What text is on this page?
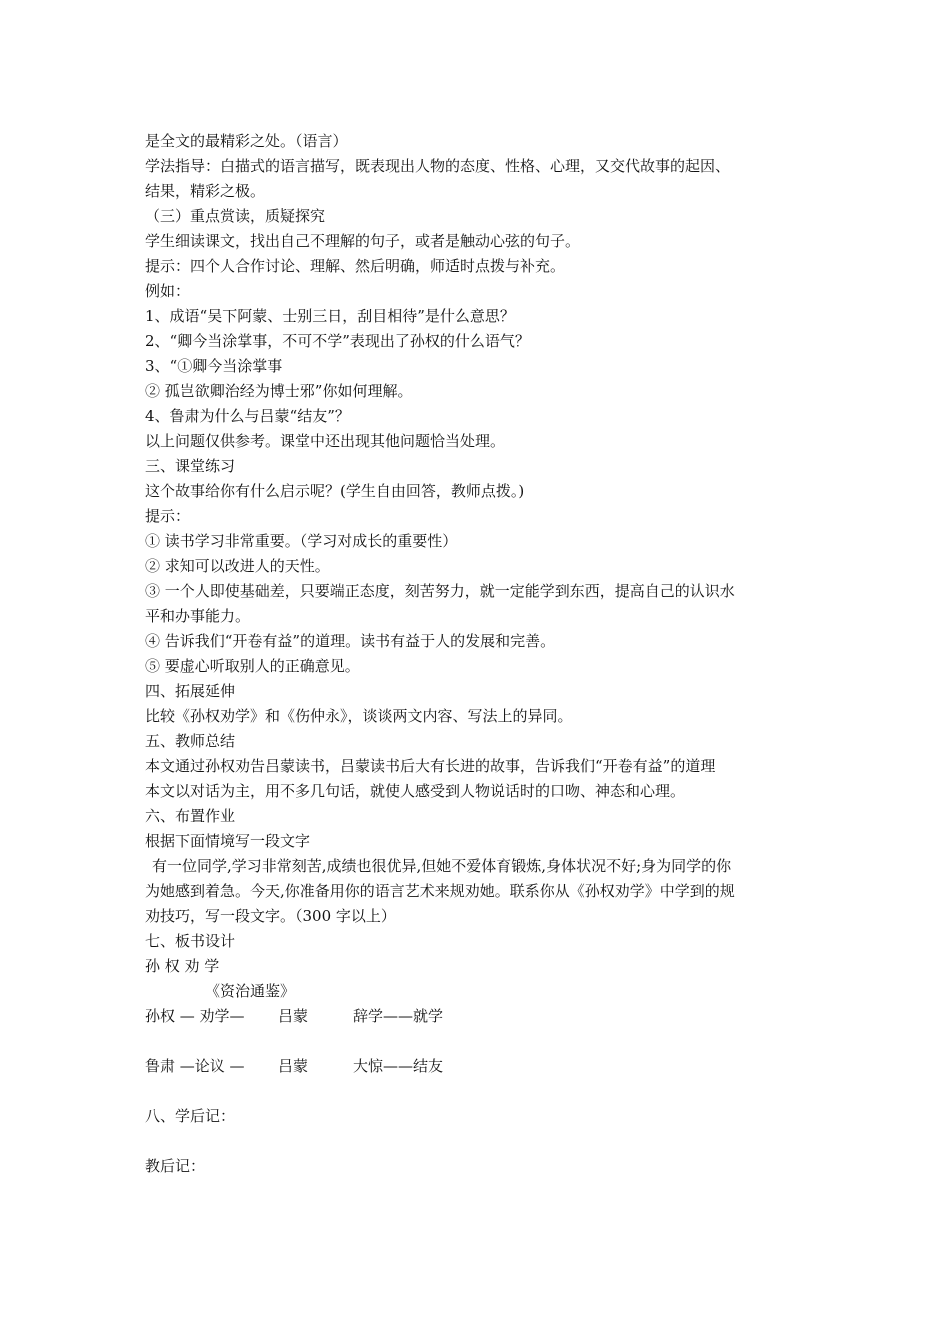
是全文的最精彩之处。（语言）
学法指导：白描式的语言描写，既表现出人物的态度、性格、心理，又交代故事的起因、
结果，精彩之极。
（三）重点赏读，质疑探究
学生细读课文，找出自己不理解的句子，或者是触动心弦的句子。
提示：四个人合作讨论、理解、然后明确，师适时点拨与补充。
例如：
1、成语“吴下阿蒙、士别三日，刮目相待”是什么意思？
2、“卿今当涂掌事，不可不学”表现出了孙权的什么语气？
3、“①卿今当涂掌事
② 孤岂欲卿治经为博士邪”你如何理解。
4、鲁肃为什么与吕蒙“结友”？
以上问题仅供参考。课堂中还出现其他问题恰当处理。
三、课堂练习
这个故事给你有什么启示呢？(学生自由回答，教师点拨。)
提示：
① 读书学习非常重要。（学习对成长的重要性）
② 求知可以改进人的天性。
③ 一个人即使基础差，只要端正态度，刻苦努力，就一定能学到东西，提高自己的认识水
平和办事能力。
④ 告诉我们“开卷有益”的道理。读书有益于人的发展和完善。
⑤ 要虚心听取别人的正确意见。
四、拓展延伸
比较《孙权劝学》和《伤仲永》，谈谈两文内容、写法上的异同。
五、教师总结
本文通过孙权劝告吕蒙读书，吕蒙读书后大有长进的故事，告诉我们“开卷有益”的道理
本文以对话为主，用不多几句话，就使人感受到人物说话时的口吻、神态和心理。
六、布置作业
根据下面情境写一段文字
有一位同学,学习非常刻苦,成绩也很优异,但她不爱体育锻炼,身体状况不好;身为同学的你
为她感到着急。今天,你准备用你的语言艺术来规劝她。联系你从《孙权劝学》中学到的规
劝技巧，写一段文字。（300 字以上）
七、板书设计
孙 权 劝 学
《资治通鉴》
孙权 — 劝学— 吕蒙	辞学——就学
鲁肃 —论议 — 吕蒙	大惊——结友
八、学后记：
教后记：
